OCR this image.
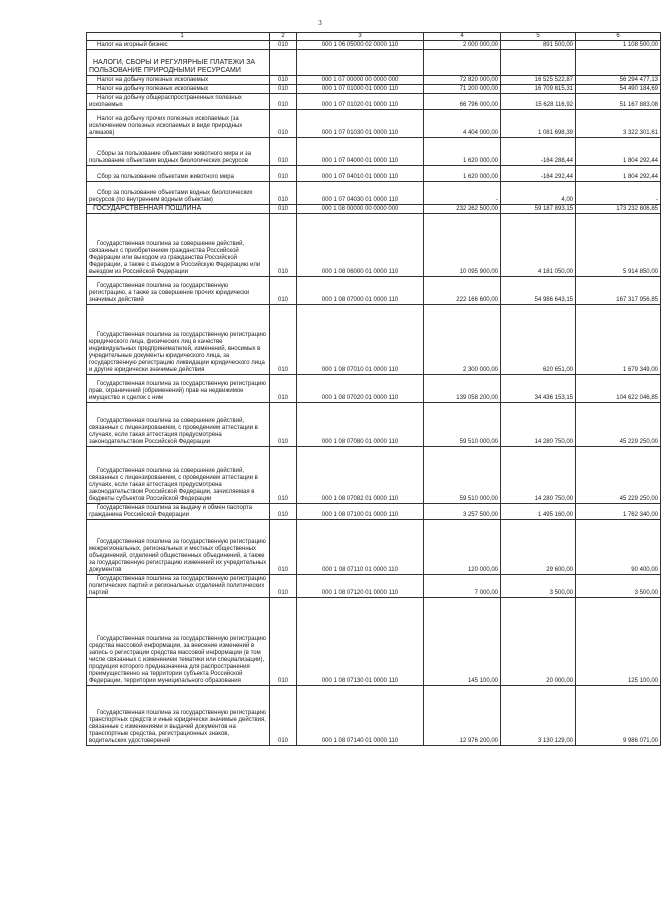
3
1	2	3	4	5	6
Налог на игорный бизнес	010	000 1 06 05000 02 0000 110	2 000 000,00	891 500,00	1 108 500,00
НАЛОГИ, СБОРЫ И РЕГУЛЯРНЫЕ ПЛАТЕЖИ ЗА ПОЛЬЗОВАНИЕ ПРИРОДНЫМИ РЕСУРСАМИ					
Налог на добычу полезных ископаемых	010	000 1 07 00000 00 0000 000	72 820 000,00	16 525 522,87	56 294 477,13
Налог на добычу полезных ископаемых	010	000 1 07 01000 01 0000 110	71 200 000,00	16 709 815,31	54 490 184,69
Налог на добычу общераспространенных полезных ископаемых	010	000 1 07 01020 01 0000 110	66 796 000,00	15 628 116,92	51 167 883,08
Налог на добычу прочих полезных ископаемых (за исключением полезных ископаемых в виде природных алмазов)	010	000 1 07 01030 01 0000 110	4 404 000,00	1 081 698,39	3 322 301,61
Сборы за пользование объектами животного мира и за пользование объектами водных биологических ресурсов	010	000 1 07 04000 01 0000 110	1 620 000,00	-184 288,44	1 804 292,44
Сбор за пользование объектами животного мира	010	000 1 07 04010 01 0000 110	1 620 000,00	-184 292,44	1 804 292,44
Сбор за пользование объектами водных биологических ресурсов (по внутренним водным объектам)	010	000 1 07 04030 01 0000 110	-	4,00	-
ГОСУДАРСТВЕННАЯ ПОШЛИНА	010	000 1 08 00000 00 0000 000	232 262 500,00	59 187 893,15	173 232 806,85
Государственная пошлина за совершение действий, связанных с приобретением гражданства Российской Федерации или выходом из гражданства Российской Федерации, а также с въездом в Российскую Федерацию или выездом из Российской Федерации	010	000 1 08 06000 01 0000 110	10 095 900,00	4 181 050,00	5 914 850,00
Государственная пошлина за государственную регистрацию, а также за совершение прочих юридически значимых действий	010	000 1 08 07000 01 0000 110	222 166 600,00	54 986 643,15	167 317 956,85
Государственная пошлина за государственную регистрацию юридического лица, физических лиц в качестве индивидуальных предпринимателей, изменений, вносимых в учредительные документы юридического лица, за государственную регистрацию ликвидации юридического лица и другие юридически значимые действия	010	000 1 08 07010 01 0000 110	2 300 000,00	620 651,00	1 679 349,00
Государственная пошлина за государственную регистрацию прав, ограничений (обременений) прав на недвижимое имущество и сделок с ним	010	000 1 08 07020 01 0000 110	139 058 200,00	34 436 153,15	104 622 046,85
Государственная пошлина за совершение действий, связанных с лицензированием, с проведением аттестации в случаях, если такая аттестация предусмотрена законодательством Российской Федерации	010	000 1 08 07080 01 0000 110	59 510 000,00	14 280 750,00	45 229 250,00
Государственная пошлина за совершение действий, связанных с лицензированием, с проведением аттестации в случаях, если такая аттестация предусмотрена законодательством Российской Федерации, зачисляемая в бюджеты субъектов Российской Федерации	010	000 1 08 07082 01 0000 110	59 510 000,00	14 280 750,00	45 229 250,00
Государственная пошлина за выдачу и обмен паспорта гражданина Российской Федерации	010	000 1 08 07100 01 0000 110	3 257 500,00	1 495 160,00	1 762 340,00
Государственная пошлина за государственную регистрацию межрегиональных, региональных и местных общественных объединений, отделений общественных объединений, а также за государственную регистрацию изменений их учредительных документов	010	000 1 08 07110 01 0000 110	120 000,00	29 600,00	90 400,00
Государственная пошлина за государственную регистрацию политических партий и региональных отделений политических партий	010	000 1 08 07120 01 0000 110	7 000,00	3 500,00	3 500,00
Государственная пошлина за государственную регистрацию средства массовой информации, за внесение изменений в запись о регистрации средства массовой информации (в том числе связанных с изменением тематики или специализации), продукция которого предназначена для распространения преимущественно на территории субъекта Российской Федерации, территории муниципального образования	010	000 1 08 07130 01 0000 110	145 100,00	20 000,00	125 100,00
Государственная пошлина за государственную регистрацию транспортных средств и иные юридически значимые действия, связанные с изменениями и выдачей документов на транспортные средства, регистрационных знаков, водительских удостоверений	010	000 1 08 07140 01 0000 110	12 976 200,00	3 130 129,00	9 986 071,00
